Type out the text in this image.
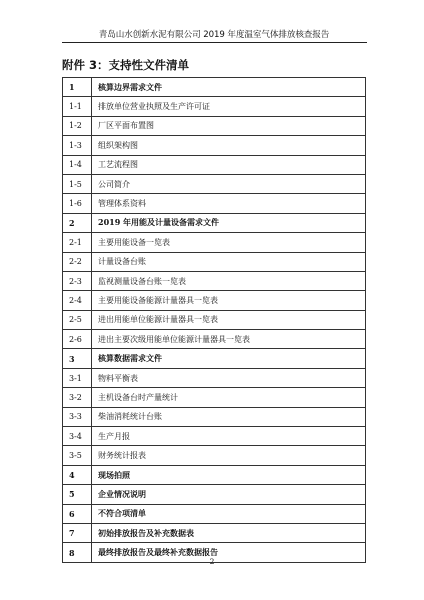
青岛山水创新水泥有限公司 2019 年度温室气体排放核查报告
附件 3：支持性文件清单
1	核算边界需求文件
1-1	排放单位营业执照及生产许可证
1-2	厂区平面布置图
1-3	组织架构图
1-4	工艺流程图
1-5	公司简介
1-6	管理体系资料
2	2019 年用能及计量设备需求文件
2-1	主要用能设备一览表
2-2	计量设备台账
2-3	监视测量设备台账一览表
2-4	主要用能设备能源计量器具一览表
2-5	进出用能单位能源计量器具一览表
2-6	进出主要次级用能单位能源计量器具一览表
3	核算数据需求文件
3-1	物料平衡表
3-2	主机设备台时产量统计
3-3	柴油消耗统计台账
3-4	生产月报
3-5	财务统计报表
4	现场拍照
5	企业情况说明
6	不符合项清单
7	初始排放报告及补充数据表
8	最终排放报告及最终补充数据报告
2
